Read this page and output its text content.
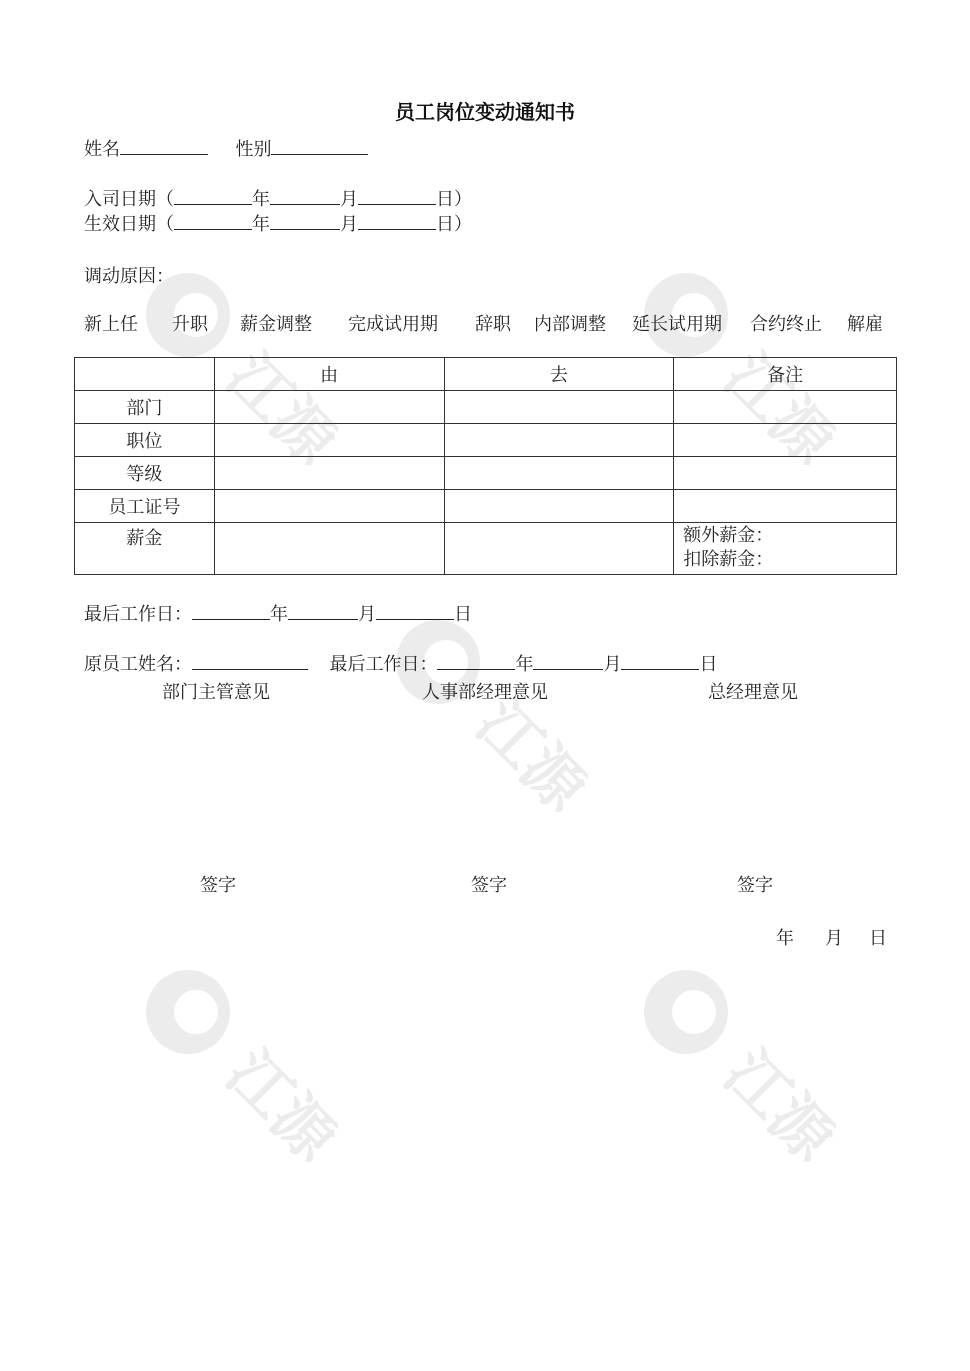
江源	江源
江源
江源	江源
员工岗位变动通知书
姓名	性别
入司日期（	年	月	日）
生效日期（	年	月	日）
调动原因：
新上任 升职 薪金调整 完成试用期 辞职 内部调整 延长试用期 合约终止 解雇
	由	去	备注
部门			
职位			
等级			
员工证号			
薪金			额外薪金：
扣除薪金：
最后工作日：	年	月	日
原员工姓名：	最后工作日：	年	月	日
部门主管意见	人事部经理意见	总经理意见
签字	签字	签字
年 月 日
